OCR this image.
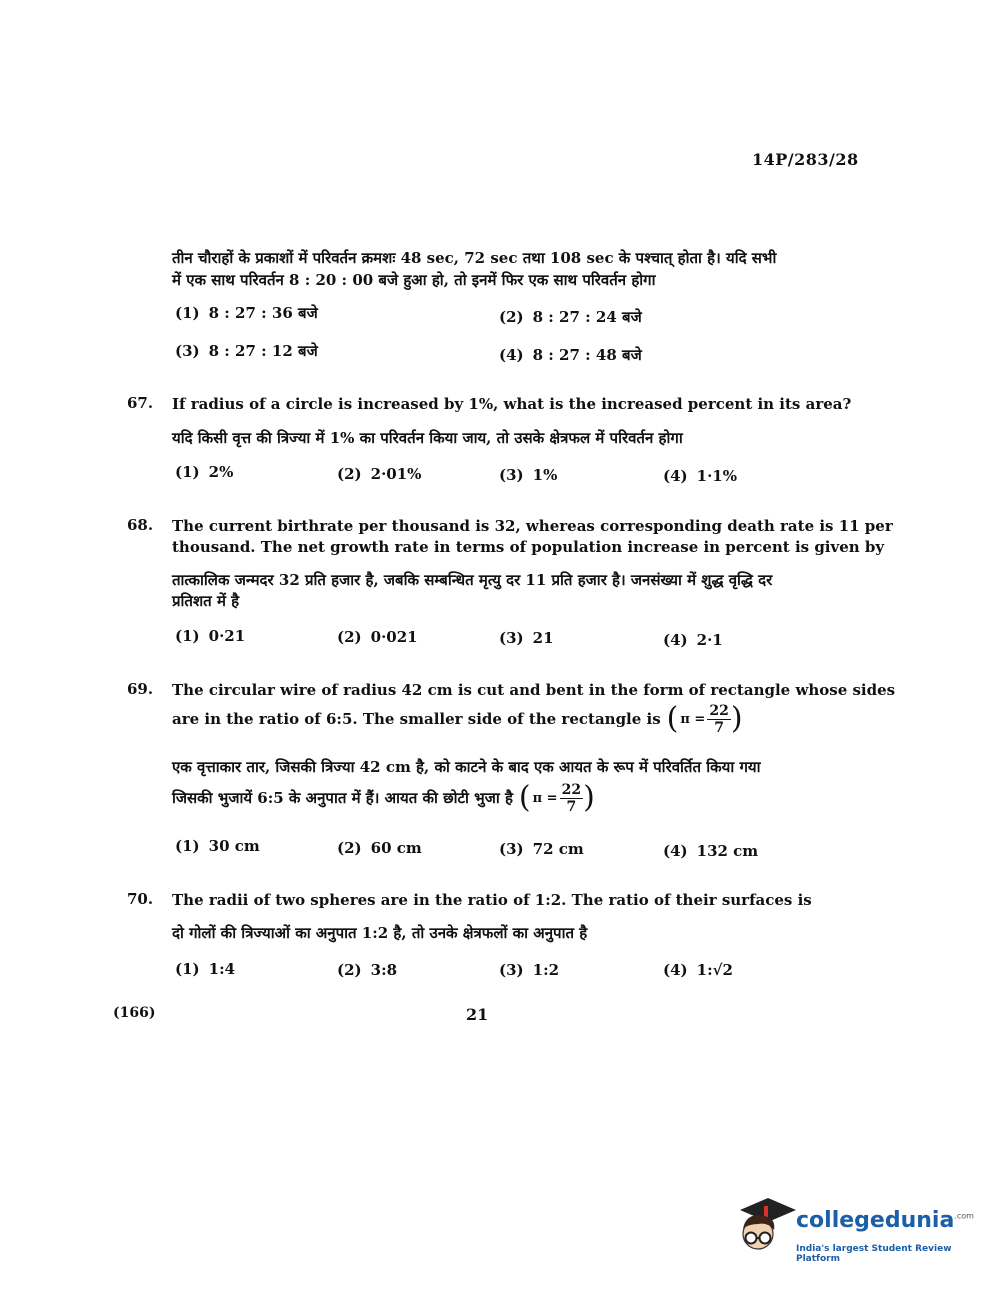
14P/283/28
तीन चौराहों के प्रकाशों में परिवर्तन क्रमशः 48 sec, 72 sec तथा 108 sec के पश्चात् होता है। यदि सभी
में एक साथ परिवर्तन 8 : 20 : 00 बजे हुआ हो, तो इनमें फिर एक साथ परिवर्तन होगा
(1) 8 : 27 : 36 बजे	(2) 8 : 27 : 24 बजे
(3) 8 : 27 : 12 बजे	(4) 8 : 27 : 48 बजे
67. If radius of a circle is increased by 1%, what is the increased percent in its area?
यदि किसी वृत्त की त्रिज्या में 1% का परिवर्तन किया जाय, तो उसके क्षेत्रफल में परिवर्तन होगा
(1) 2%	(2) 2·01%	(3) 1%	(4) 1·1%
68. The current birthrate per thousand is 32, whereas corresponding death rate is 11 per
thousand. The net growth rate in terms of population increase in percent is given by
तात्कालिक जन्मदर 32 प्रति हजार है, जबकि सम्बन्धित मृत्यु दर 11 प्रति हजार है। जनसंख्या में शुद्ध वृद्धि दर
प्रतिशत में है
(1) 0·21	(2) 0·021	(3) 21	(4) 2·1
69. The circular wire of radius 42 cm is cut and bent in the form of rectangle whose sides
are in the ratio of 6:5. The smaller side of the rectangle is ( $\pi = \frac{22}{7}$ )
एक वृत्ताकार तार, जिसकी त्रिज्या 42 cm है, को काटने के बाद एक आयत के रूप में परिवर्तित किया गया
जिसकी भुजायें 6:5 के अनुपात में हैं। आयत की छोटी भुजा है ( $\pi = \frac{22}{7}$ )
(1) 30 cm	(2) 60 cm	(3) 72 cm	(4) 132 cm
70. The radii of two spheres are in the ratio of 1:2. The ratio of their surfaces is
दो गोलों की त्रिज्याओं का अनुपात 1:2 है, तो उनके क्षेत्रफलों का अनुपात है
(1) 1:4	(2) 3:8	(3) 1:2	(4) 1:√2
(166)	21
collegedunia$^{.com}$
India's largest Student Review Platform
